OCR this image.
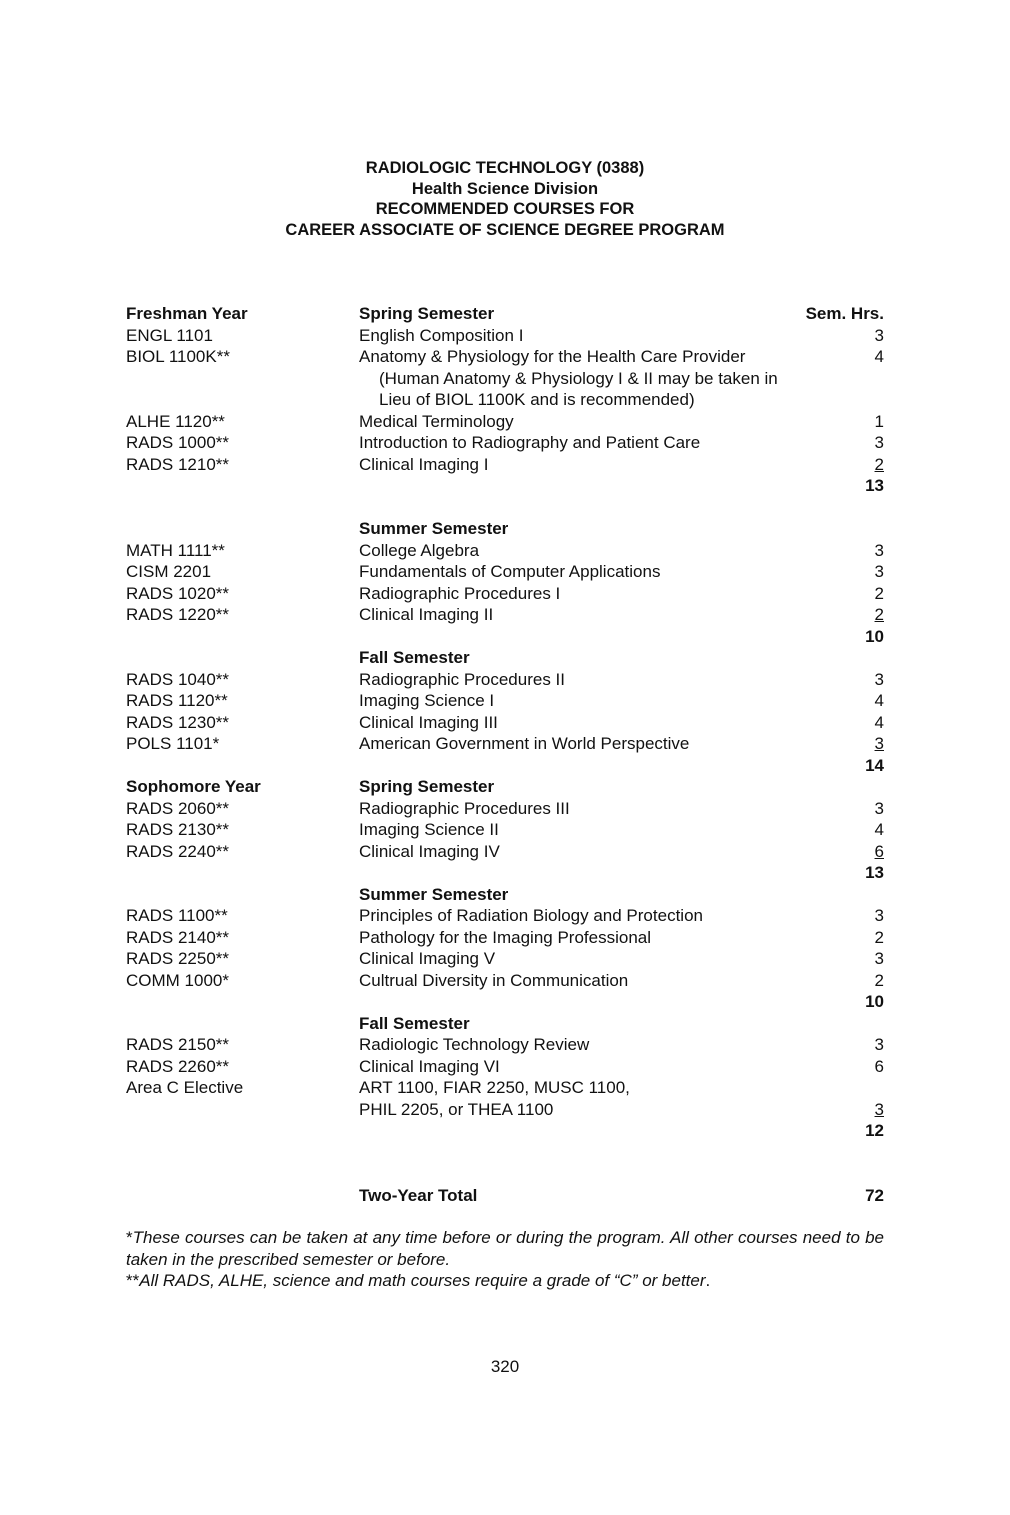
RADIOLOGIC TECHNOLOGY (0388)
Health Science Division
RECOMMENDED COURSES FOR
CAREER ASSOCIATE OF SCIENCE DEGREE PROGRAM
Freshman Year	Spring Semester	Sem. Hrs.
ENGL 1101	English Composition I	3
BIOL 1100K**	Anatomy & Physiology for the Health Care Provider	4
(Human Anatomy & Physiology I & II may be taken in
Lieu of BIOL 1100K and is recommended)
ALHE 1120**	Medical Terminology	1
RADS 1000**	Introduction to Radiography and Patient Care	3
RADS 1210**	Clinical Imaging I	2
13
Summer Semester
MATH 1111**	College Algebra	3
CISM 2201	Fundamentals of Computer Applications	3
RADS 1020**	Radiographic Procedures I	2
RADS 1220**	Clinical Imaging II	2
10
Fall Semester
RADS 1040**	Radiographic Procedures II	3
RADS 1120**	Imaging Science I	4
RADS 1230**	Clinical Imaging III	4
POLS 1101*	American Government in World Perspective	3
14
Sophomore Year	Spring Semester
RADS 2060**	Radiographic Procedures III	3
RADS 2130**	Imaging Science II	4
RADS 2240**	Clinical Imaging IV	6
13
Summer Semester
RADS 1100**	Principles of Radiation Biology and Protection	3
RADS 2140**	Pathology for the Imaging Professional	2
RADS 2250**	Clinical Imaging V	3
COMM 1000*	Cultrual Diversity in Communication	2
10
Fall Semester
RADS 2150**	Radiologic Technology Review	3
RADS 2260**	Clinical Imaging VI	6
Area C Elective	ART 1100, FIAR 2250, MUSC 1100,
PHIL 2205, or THEA 1100	3
12
Two-Year Total	72

*These courses can be taken at any time before or during the program. All other courses need to be taken in the prescribed semester or before.

**All RADS, ALHE, science and math courses require a grade of “C” or better.

320
